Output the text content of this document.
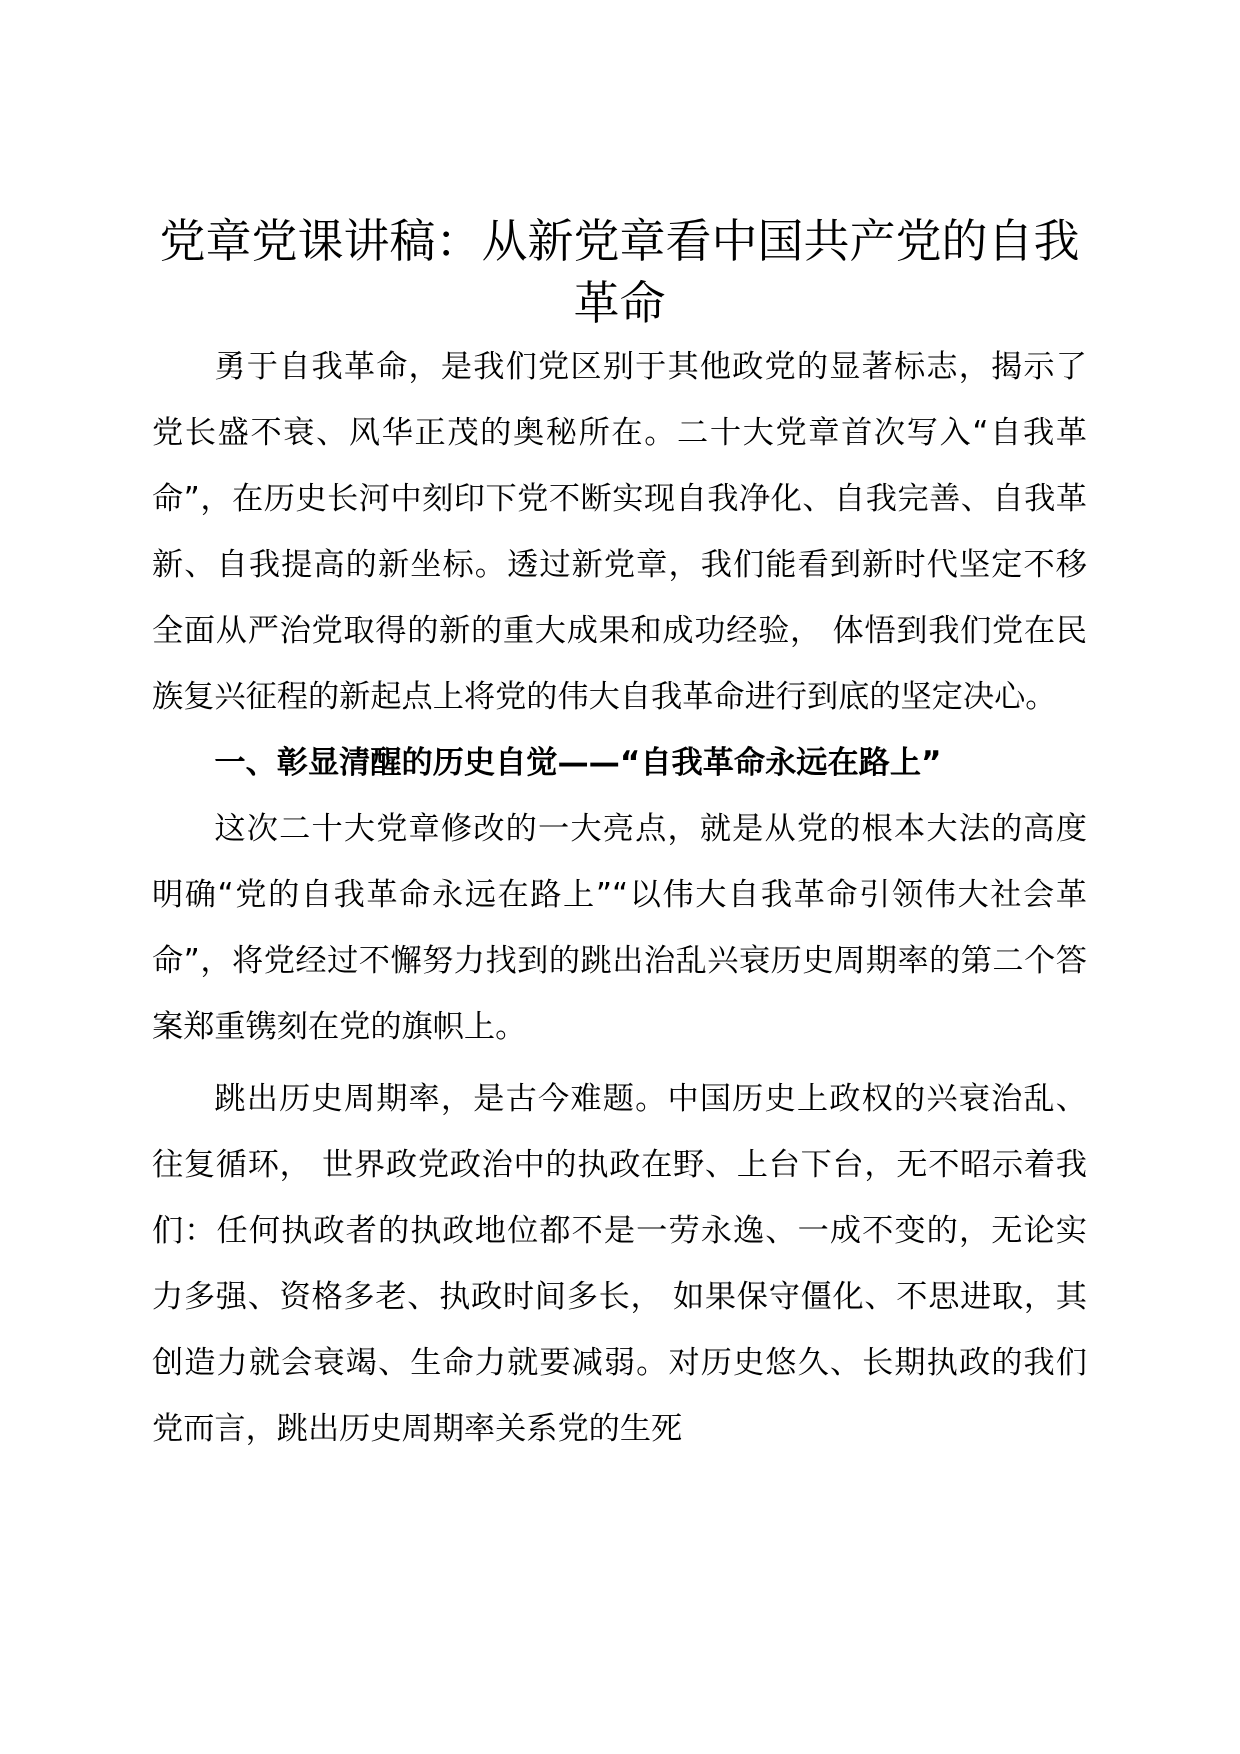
党章党课讲稿：从新党章看中国共产党的自我
革命

勇于自我革命，是我们党区别于其他政党的显著标志，揭示了党长盛不衰、风华正茂的奥秘所在。二十大党章首次写入“自我革命”，在历史长河中刻印下党不断实现自我净化、自我完善、自我革新、自我提高的新坐标。透过新党章，我们能看到新时代坚定不移全面从严治党取得的新的重大成果和成功经验， 体悟到我们党在民族复兴征程的新起点上将党的伟大自我革命进行到底的坚定决心。

一、彰显清醒的历史自觉——“自我革命永远在路上”

这次二十大党章修改的一大亮点，就是从党的根本大法的高度明确“党的自我革命永远在路上”“以伟大自我革命引领伟大社会革命”，将党经过不懈努力找到的跳出治乱兴衰历史周期率的第二个答案郑重镌刻在党的旗帜上。

跳出历史周期率，是古今难题。中国历史上政权的兴衰治乱、往复循环， 世界政党政治中的执政在野、上台下台，无不昭示着我们：任何执政者的执政地位都不是一劳永逸、一成不变的，无论实力多强、资格多老、执政时间多长， 如果保守僵化、不思进取，其创造力就会衰竭、生命力就要减弱。对历史悠久、长期执政的我们党而言，跳出历史周期率关系党的生死
